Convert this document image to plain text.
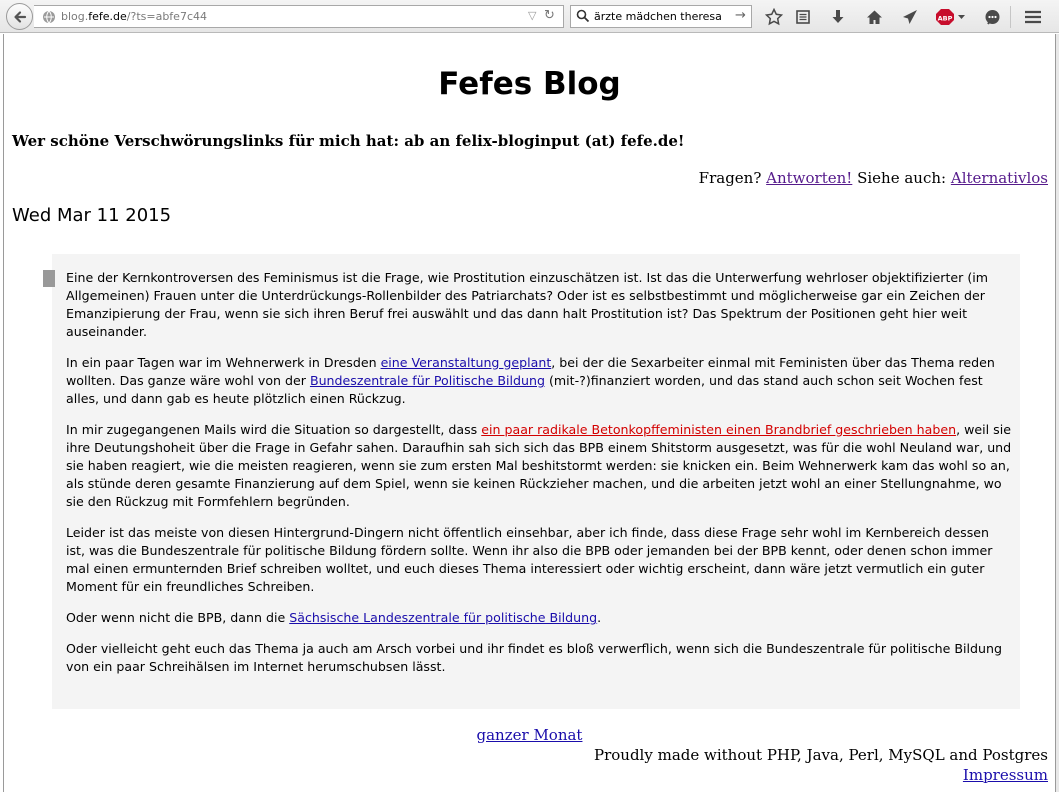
blog.fefe.de/?ts=abfe7c44	▽ ↻	ärzte mädchen theresa →	ABP
Fefes Blog

Wer schöne Verschwörungslinks für mich hat: ab an felix-bloginput (at) fefe.de!

Fragen? Antworten! Siehe auch: Alternativlos
Wed Mar 11 2015

Eine der Kernkontroversen des Feminismus ist die Frage, wie Prostitution einzuschätzen ist. Ist das die Unterwerfung wehrloser objektifizierter (im Allgemeinen) Frauen unter die Unterdrückungs-Rollenbilder des Patriarchats? Oder ist es selbstbestimmt und möglicherweise gar ein Zeichen der Emanzipierung der Frau, wenn sie sich ihren Beruf frei auswählt und das dann halt Prostitution ist? Das Spektrum der Positionen geht hier weit auseinander.

In ein paar Tagen war im Wehnerwerk in Dresden eine Veranstaltung geplant, bei der die Sexarbeiter einmal mit Feministen über das Thema reden wollten. Das ganze wäre wohl von der Bundeszentrale für Politische Bildung (mit-?)finanziert worden, und das stand auch schon seit Wochen fest alles, und dann gab es heute plötzlich einen Rückzug.

In mir zugegangenen Mails wird die Situation so dargestellt, dass ein paar radikale Betonkopffeministen einen Brandbrief geschrieben haben, weil sie ihre Deutungshoheit über die Frage in Gefahr sahen. Daraufhin sah sich sich das BPB einem Shitstorm ausgesetzt, was für die wohl Neuland war, und sie haben reagiert, wie die meisten reagieren, wenn sie zum ersten Mal beshitstormt werden: sie knicken ein. Beim Wehnerwerk kam das wohl so an, als stünde deren gesamte Finanzierung auf dem Spiel, wenn sie keinen Rückzieher machen, und die arbeiten jetzt wohl an einer Stellungnahme, wo sie den Rückzug mit Formfehlern begründen.

Leider ist das meiste von diesen Hintergrund-Dingern nicht öffentlich einsehbar, aber ich finde, dass diese Frage sehr wohl im Kernbereich dessen ist, was die Bundeszentrale für politische Bildung fördern sollte. Wenn ihr also die BPB oder jemanden bei der BPB kennt, oder denen schon immer mal einen ermunternden Brief schreiben wolltet, und euch dieses Thema interessiert oder wichtig erscheint, dann wäre jetzt vermutlich ein guter Moment für ein freundliches Schreiben.

Oder wenn nicht die BPB, dann die Sächsische Landeszentrale für politische Bildung.

Oder vielleicht geht euch das Thema ja auch am Arsch vorbei und ihr findet es bloß verwerflich, wenn sich die Bundeszentrale für politische Bildung von ein paar Schreihälsen im Internet herumschubsen lässt.

ganzer Monat
Proudly made without PHP, Java, Perl, MySQL and Postgres
Impressum
